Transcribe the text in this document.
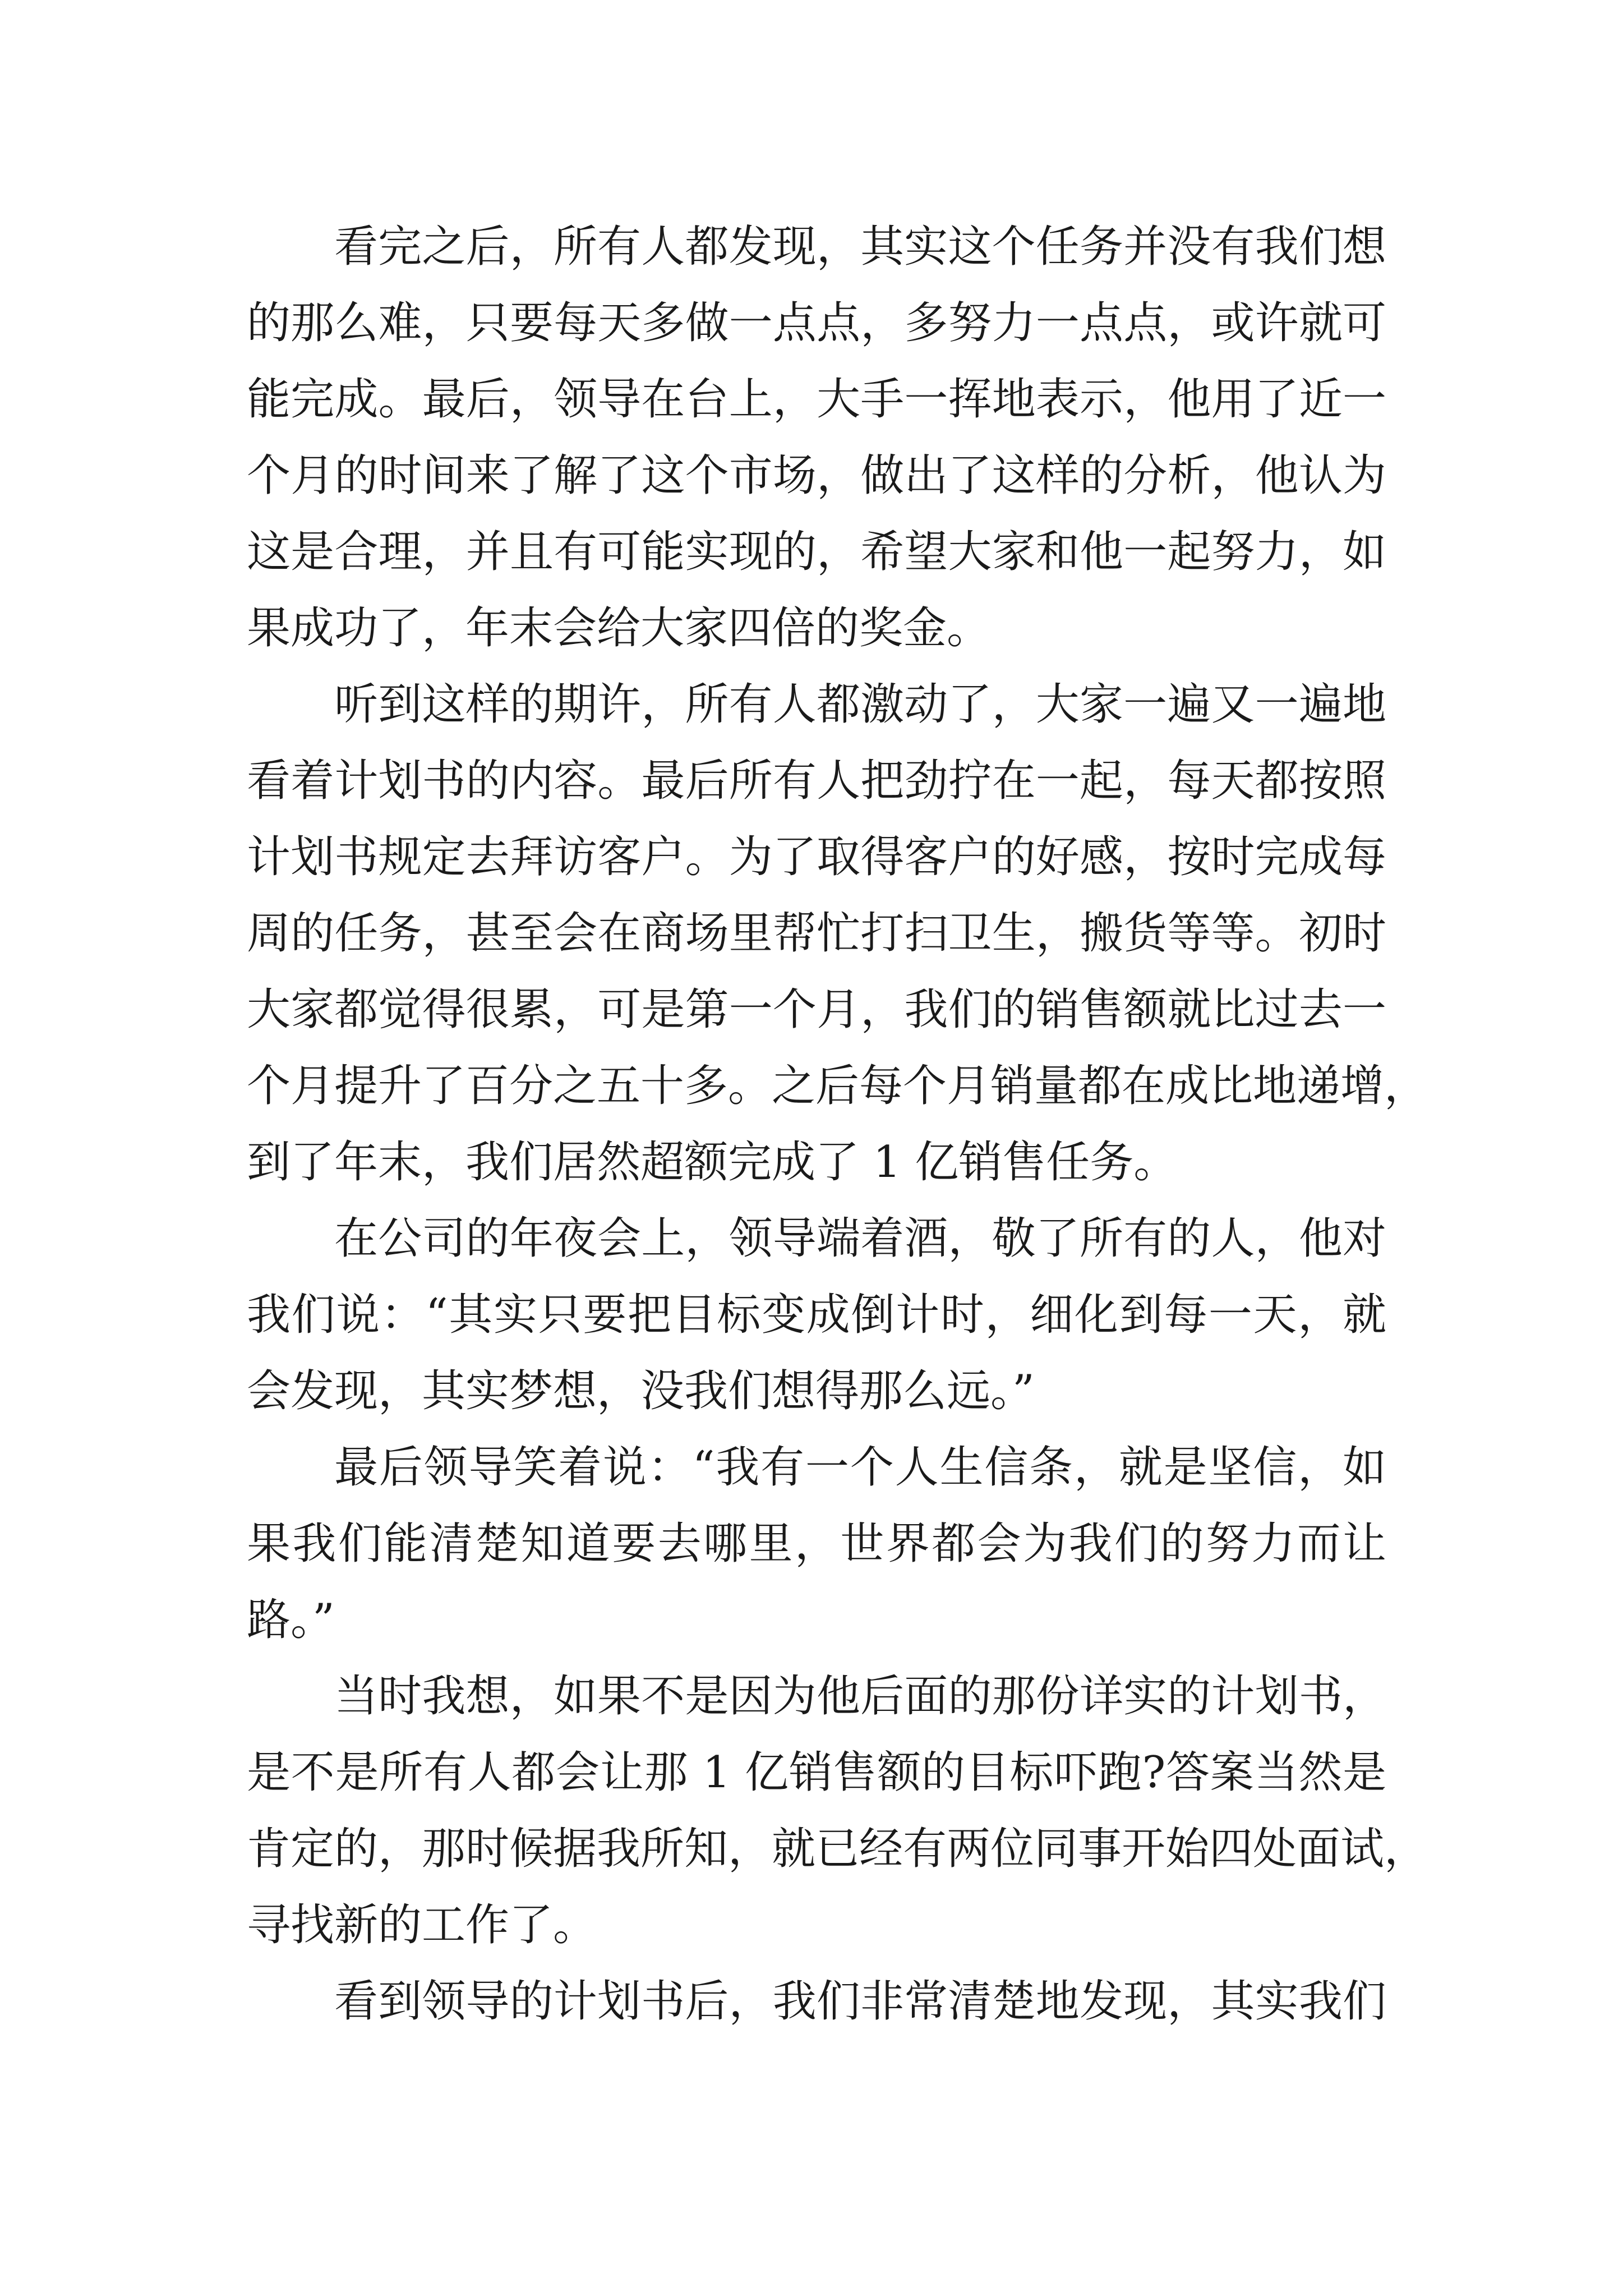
看完之后，所有人都发现，其实这个任务并没有我们想
的那么难，只要每天多做一点点，多努力一点点，或许就可
能完成。最后，领导在台上，大手一挥地表示，他用了近一
个月的时间来了解了这个市场，做出了这样的分析，他认为
这是合理，并且有可能实现的，希望大家和他一起努力，如
果成功了，年末会给大家四倍的奖金。
听到这样的期许，所有人都激动了，大家一遍又一遍地
看着计划书的内容。最后所有人把劲拧在一起，每天都按照
计划书规定去拜访客户。为了取得客户的好感，按时完成每
周的任务，甚至会在商场里帮忙打扫卫生，搬货等等。初时
大家都觉得很累，可是第一个月，我们的销售额就比过去一
个月提升了百分之五十多。之后每个月销量都在成比地递增，
到了年末，我们居然超额完成了 1 亿销售任务。
在公司的年夜会上，领导端着酒，敬了所有的人，他对
我们说：“其实只要把目标变成倒计时，细化到每一天，就
会发现，其实梦想，没我们想得那么远。”
最后领导笑着说：“我有一个人生信条，就是坚信，如
果我们能清楚知道要去哪里，世界都会为我们的努力而让
路。”
当时我想，如果不是因为他后面的那份详实的计划书，
是不是所有人都会让那 1 亿销售额的目标吓跑?答案当然是
肯定的，那时候据我所知，就已经有两位同事开始四处面试，
寻找新的工作了。
看到领导的计划书后，我们非常清楚地发现，其实我们
